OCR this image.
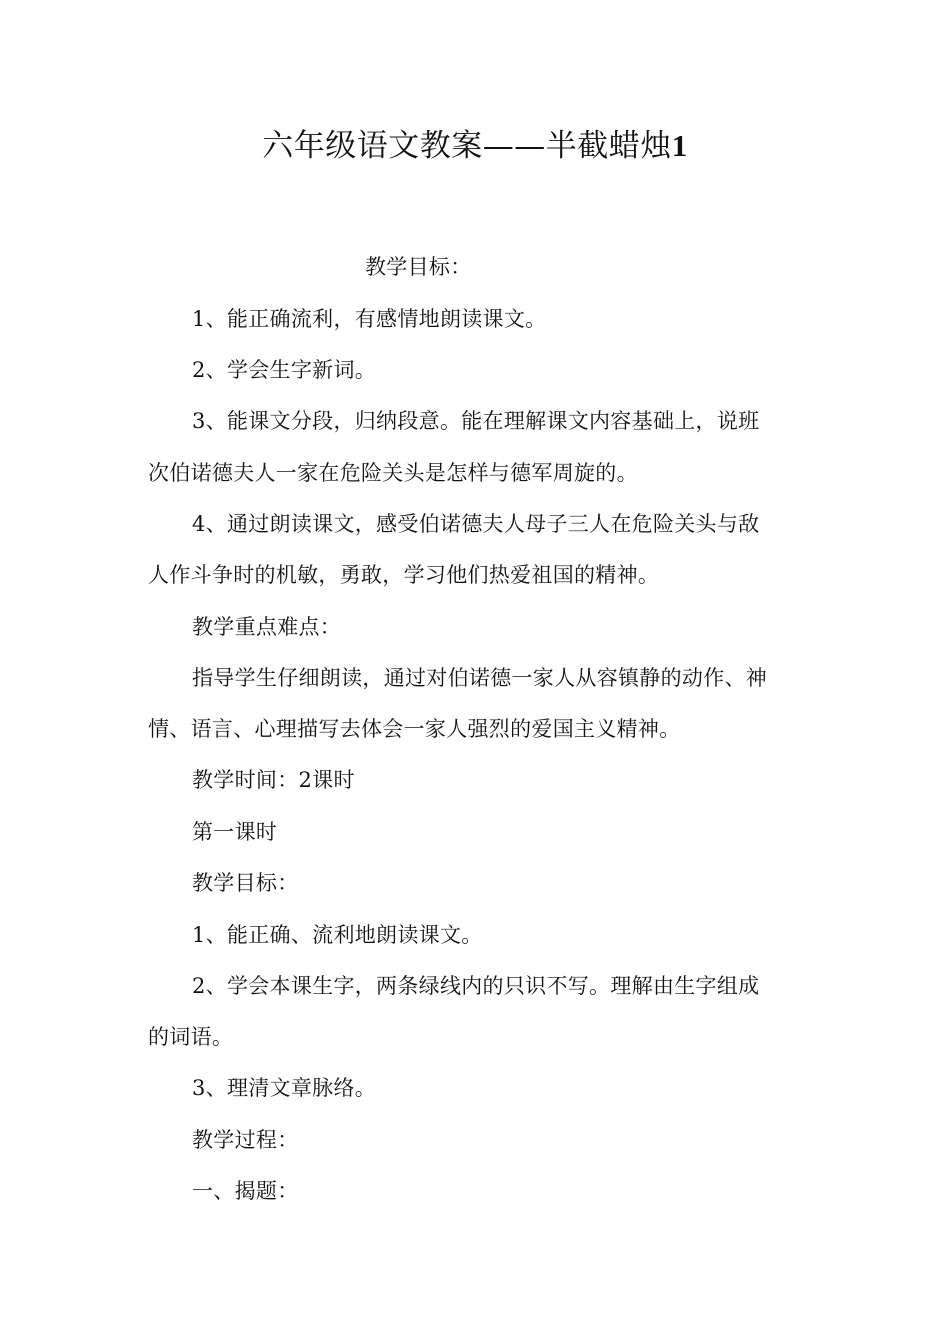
六年级语文教案——半截蜡烛1
教学目标：
1、能正确流利，有感情地朗读课文。
2、学会生字新词。
3、能课文分段，归纳段意。能在理解课文内容基础上，说班
次伯诺德夫人一家在危险关头是怎样与德军周旋的。
4、通过朗读课文，感受伯诺德夫人母子三人在危险关头与敌
人作斗争时的机敏，勇敢，学习他们热爱祖国的精神。
教学重点难点：
指导学生仔细朗读，通过对伯诺德一家人从容镇静的动作、神
情、语言、心理描写去体会一家人强烈的爱国主义精神。
教学时间：2课时
第一课时
教学目标：
1、能正确、流利地朗读课文。
2、学会本课生字，两条绿线内的只识不写。理解由生字组成
的词语。
3、理清文章脉络。
教学过程：
一、揭题：
